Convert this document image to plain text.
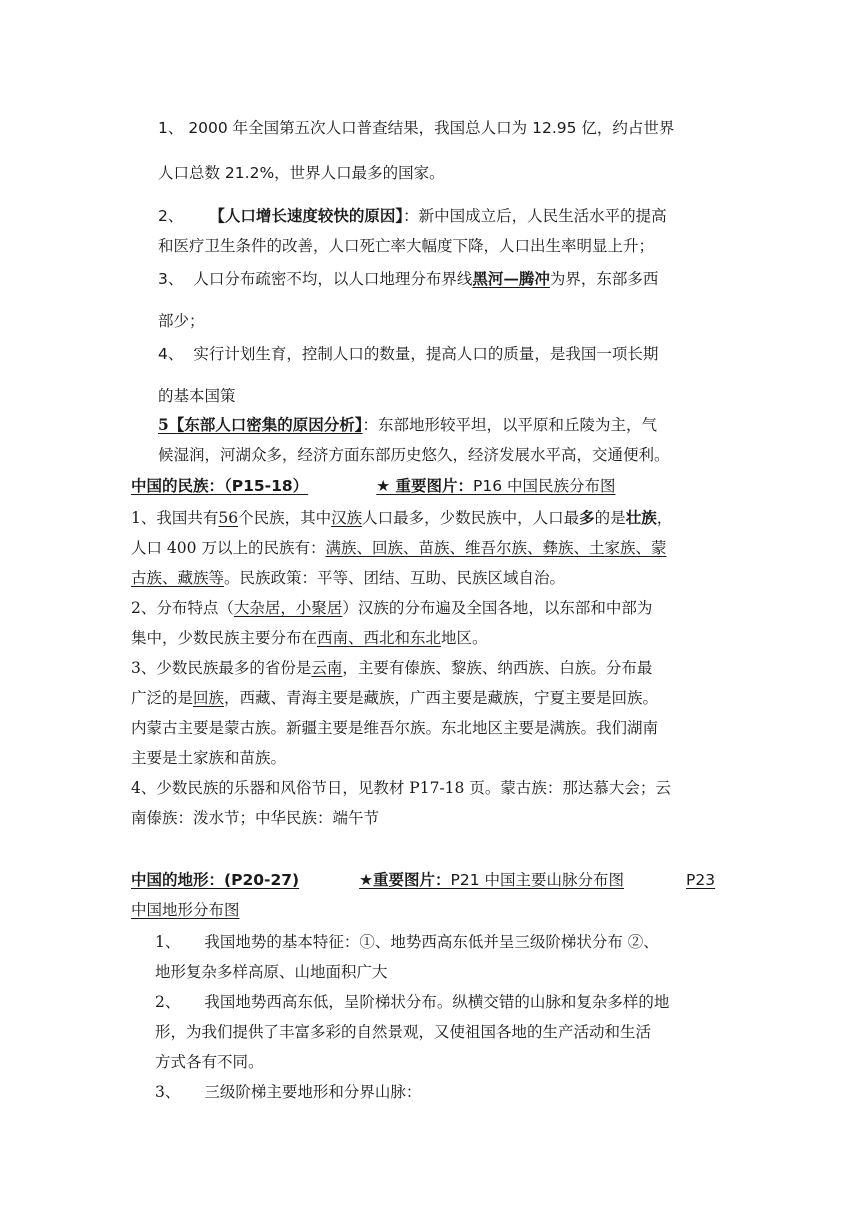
1、 2000 年全国第五次人口普查结果，我国总人口为 12.95 亿，约占世界
人口总数 21.2%，世界人口最多的国家。
2、 【人口增长速度较快的原因】：新中国成立后，人民生活水平的提高
和医疗卫生条件的改善，人口死亡率大幅度下降，人口出生率明显上升；
3、 人口分布疏密不均，以人口地理分布界线黑河—腾冲为界，东部多西
部少；
4、 实行计划生育，控制人口的数量，提高人口的质量，是我国一项长期
的基本国策
5【东部人口密集的原因分析】：东部地形较平坦，以平原和丘陵为主，气
候湿润，河湖众多，经济方面东部历史悠久，经济发展水平高，交通便利。
中国的民族：（P15-18）	★ 重要图片：P16 中国民族分布图
1、我国共有56个民族，其中汉族人口最多，少数民族中，人口最多的是壮族，
人口 400 万以上的民族有：满族、回族、苗族、维吾尔族、彝族、土家族、蒙
古族、藏族等。民族政策：平等、团结、互助、民族区域自治。
2、分布特点（大杂居，小聚居）汉族的分布遍及全国各地，以东部和中部为
集中，少数民族主要分布在西南、西北和东北地区。
3、少数民族最多的省份是云南，主要有傣族、黎族、纳西族、白族。分布最
广泛的是回族，西藏、青海主要是藏族，广西主要是藏族，宁夏主要是回族。
内蒙古主要是蒙古族。新疆主要是维吾尔族。东北地区主要是满族。我们湖南
主要是土家族和苗族。
4、少数民族的乐器和风俗节日，见教材 P17-18 页。蒙古族：那达慕大会；云
南傣族：泼水节；中华民族：端午节
中国的地形：(P20-27)	★重要图片：P21 中国主要山脉分布图	P23
中国地形分布图
1、 我国地势的基本特征：①、地势西高东低并呈三级阶梯状分布 ②、
地形复杂多样高原、山地面积广大
2、 我国地势西高东低，呈阶梯状分布。纵横交错的山脉和复杂多样的地
形，为我们提供了丰富多彩的自然景观，又使祖国各地的生产活动和生活
方式各有不同。
3、 三级阶梯主要地形和分界山脉：
